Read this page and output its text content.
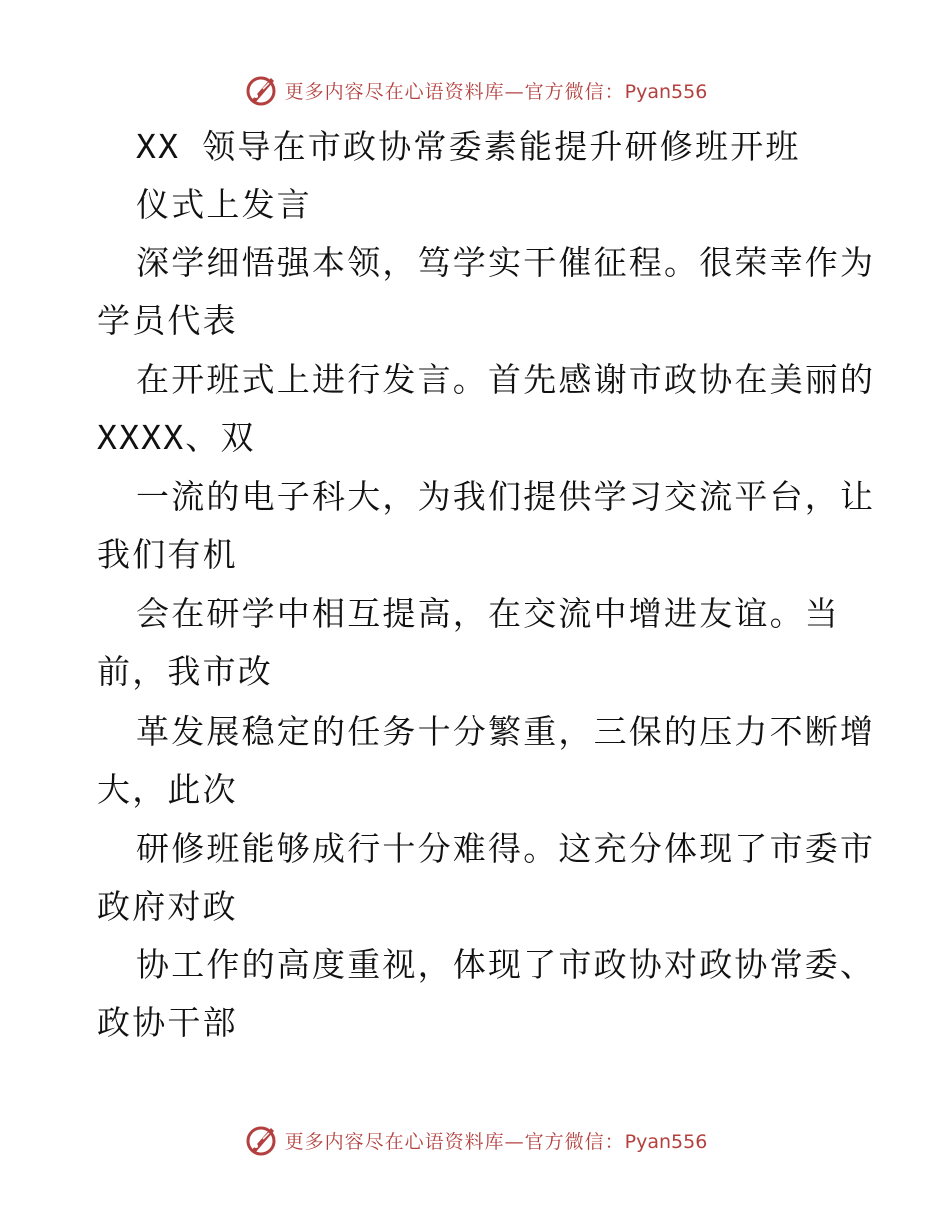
更多内容尽在心语资料库—官方微信：Pyan556
XX 领导在市政协常委素能提升研修班开班
仪式上发言
深学细悟强本领，笃学实干催征程。很荣幸作为
学员代表
在开班式上进行发言。首先感谢市政协在美丽的
XXXX、双
一流的电子科大，为我们提供学习交流平台，让
我们有机
会在研学中相互提高，在交流中增进友谊。当
前，我市改
革发展稳定的任务十分繁重，三保的压力不断增
大，此次
研修班能够成行十分难得。这充分体现了市委市
政府对政
协工作的高度重视，体现了市政协对政协常委、
政协干部
更多内容尽在心语资料库—官方微信：Pyan556
